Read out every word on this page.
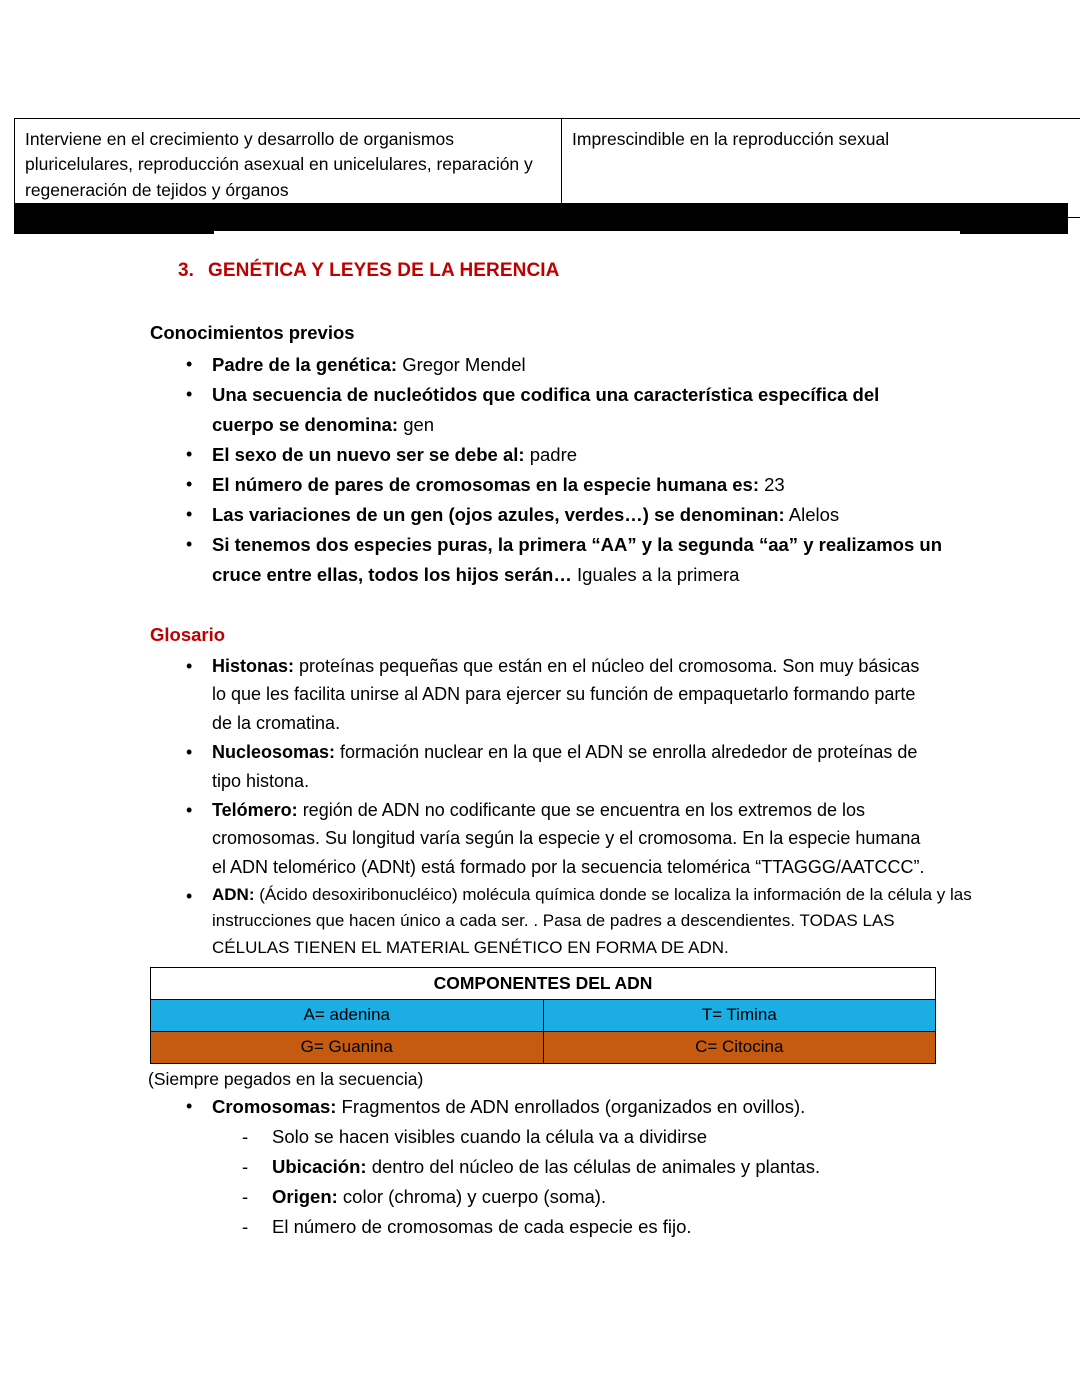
Interviene en el crecimiento y desarrollo de organismos pluricelulares, reproducción asexual en unicelulares, reparación y regeneración de tejidos y órganos	Imprescindible en la reproducción sexual
3. GENÉTICA Y LEYES DE LA HERENCIA
Conocimientos previos
• Padre de la genética: Gregor Mendel
• Una secuencia de nucleótidos que codifica una característica específica del cuerpo se denomina: gen
• El sexo de un nuevo ser se debe al: padre
• El número de pares de cromosomas en la especie humana es: 23
• Las variaciones de un gen (ojos azules, verdes…) se denominan: Alelos
• Si tenemos dos especies puras, la primera “AA” y la segunda “aa” y realizamos un cruce entre ellas, todos los hijos serán… Iguales a la primera
Glosario
• Histonas: proteínas pequeñas que están en el núcleo del cromosoma. Son muy básicas lo que les facilita unirse al ADN para ejercer su función de empaquetarlo formando parte de la cromatina.
• Nucleosomas: formación nuclear en la que el ADN se enrolla alrededor de proteínas de tipo histona.
• Telómero: región de ADN no codificante que se encuentra en los extremos de los cromosomas. Su longitud varía según la especie y el cromosoma. En la especie humana el ADN telomérico (ADNt) está formado por la secuencia telomérica “TTAGGG/AATCCC”.
• ADN: (Ácido desoxiribonucléico) molécula química donde se localiza la información de la célula y las instrucciones que hacen único a cada ser. . Pasa de padres a descendientes. TODAS LAS CÉLULAS TIENEN EL MATERIAL GENÉTICO EN FORMA DE ADN.
COMPONENTES DEL ADN	
A= adenina	T= Timina
G= Guanina	C= Citocina
(Siempre pegados en la secuencia)
• Cromosomas: Fragmentos de ADN enrollados (organizados en ovillos).
- Solo se hacen visibles cuando la célula va a dividirse
- Ubicación: dentro del núcleo de las células de animales y plantas.
- Origen: color (chroma) y cuerpo (soma).
- El número de cromosomas de cada especie es fijo.
